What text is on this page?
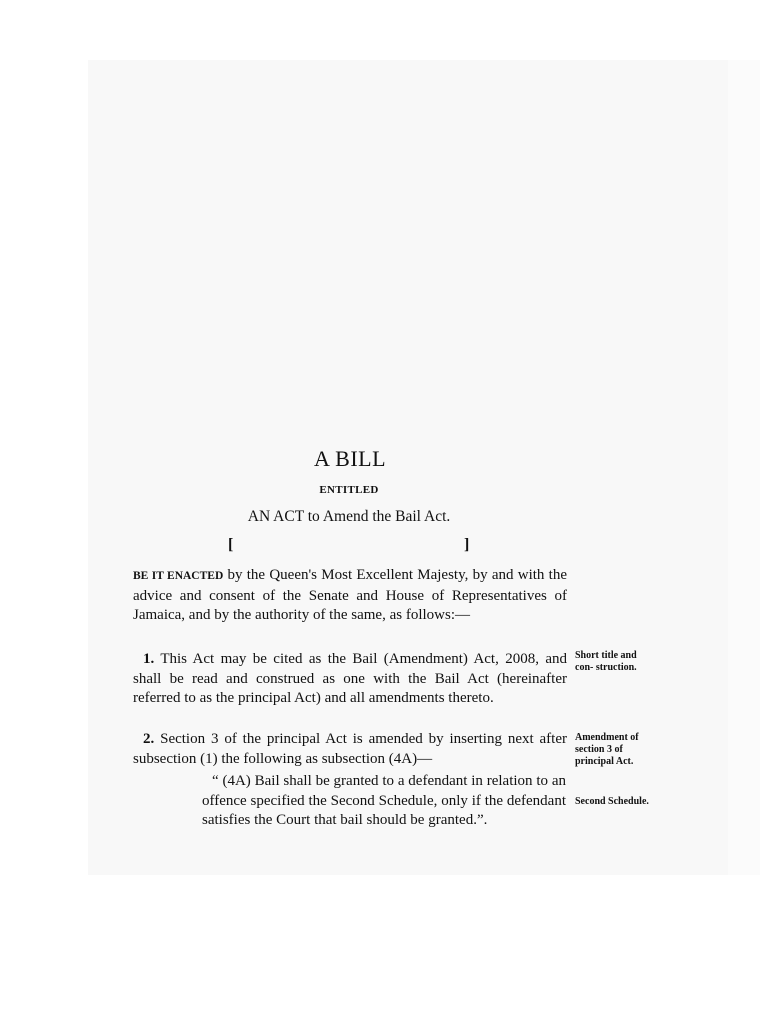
A BILL
ENTITLED
AN ACT to Amend the Bail Act.
[	]
BE IT ENACTED by the Queen's Most Excellent Majesty, by and with the advice and consent of the Senate and House of Representatives of Jamaica, and by the authority of the same, as follows:—
1. This Act may be cited as the Bail (Amendment) Act, 2008, and shall be read and construed as one with the Bail Act (hereinafter referred to as the principal Act) and all amendments thereto.
Short title and con- struction.
2. Section 3 of the principal Act is amended by inserting next after subsection (1) the following as subsection (4A)—
Amendment of section 3 of principal Act.
“ (4A) Bail shall be granted to a defendant in relation to an offence specified the Second Schedule, only if the defendant satisfies the Court that bail should be granted.”.
Second Schedule.
